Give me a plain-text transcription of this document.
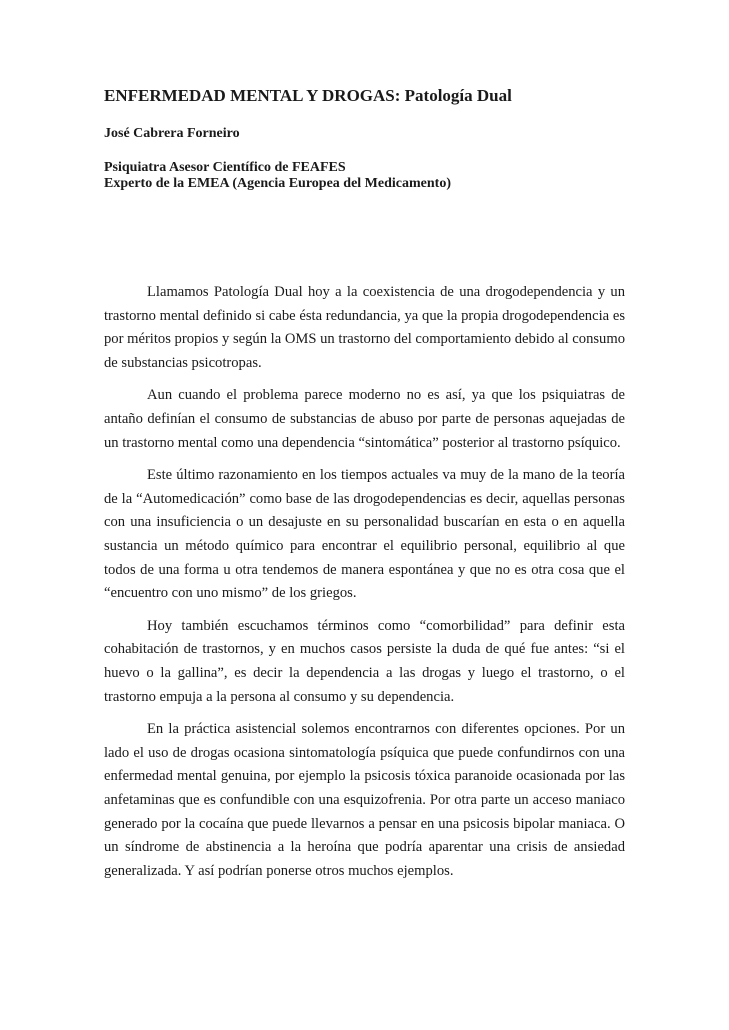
ENFERMEDAD MENTAL Y DROGAS: Patología Dual

José Cabrera Forneiro

Psiquiatra Asesor Científico de FEAFES
Experto de la EMEA (Agencia Europea del Medicamento)

Llamamos Patología Dual hoy a la coexistencia de una drogodependencia y un trastorno mental definido si cabe ésta redundancia, ya que la propia drogodependencia es por méritos propios y según la OMS un trastorno del comportamiento debido al consumo de substancias psicotropas.

Aun cuando el problema parece moderno no es así, ya que los psiquiatras de antaño definían el consumo de substancias de abuso por parte de personas aquejadas de un trastorno mental como una dependencia “sintomática” posterior al trastorno psíquico.

Este último razonamiento en los tiempos actuales va muy de la mano de la teoría de la “Automedicación” como base de las drogodependencias es decir, aquellas personas con una insuficiencia o un desajuste en su personalidad buscarían en esta o en aquella sustancia un método químico para encontrar el equilibrio personal, equilibrio al que todos de una forma u otra tendemos de manera espontánea y que no es otra cosa que el “encuentro con uno mismo” de los griegos.

Hoy también escuchamos términos como “comorbilidad” para definir esta cohabitación de trastornos, y en muchos casos persiste la duda de qué fue antes: “si el huevo o la gallina”, es decir la dependencia a las drogas y luego el trastorno, o el trastorno empuja a la persona al consumo y su dependencia.

En la práctica asistencial solemos encontrarnos con diferentes opciones. Por un lado el uso de drogas ocasiona sintomatología psíquica que puede confundirnos con una enfermedad mental genuina, por ejemplo la psicosis tóxica paranoide ocasionada por las anfetaminas que es confundible con una esquizofrenia. Por otra parte un acceso maniaco generado por la cocaína que puede llevarnos a pensar en una psicosis bipolar maniaca. O un síndrome de abstinencia a la heroína que podría aparentar una crisis de ansiedad generalizada. Y así podrían ponerse otros muchos ejemplos.
